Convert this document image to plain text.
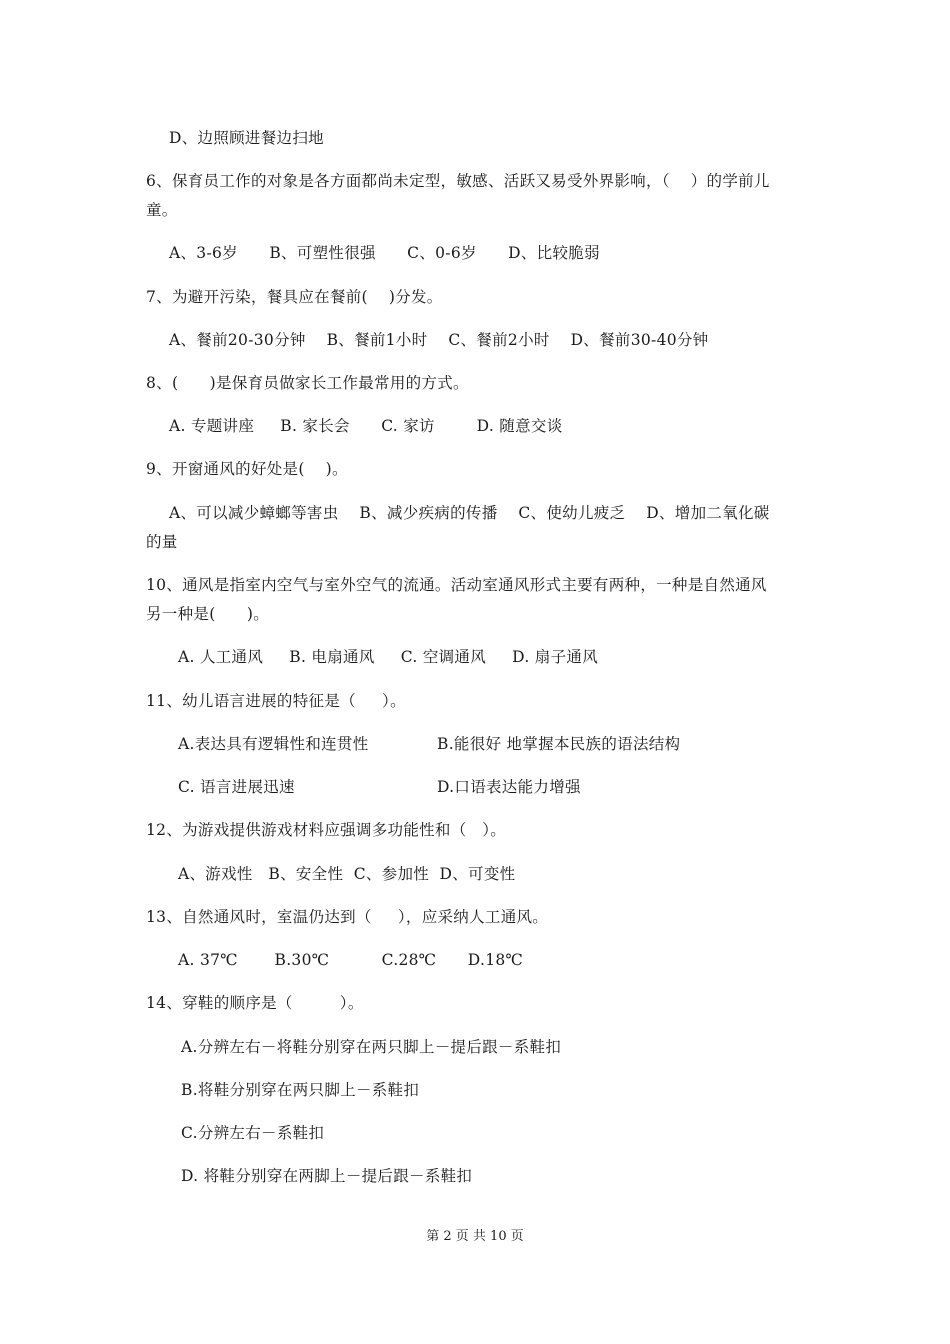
D、边照顾进餐边扫地
6、保育员工作的对象是各方面都尚未定型，敏感、活跃又易受外界影响，（    ）的学前儿
童。
A、3-6岁      B、可塑性很强      C、0-6岁      D、比较脆弱
7、为避开污染，餐具应在餐前(    )分发。
A、餐前20-30分钟    B、餐前1小时    C、餐前2小时    D、餐前30-40分钟
8、(      )是保育员做家长工作最常用的方式。
A. 专题讲座     B. 家长会      C. 家访        D. 随意交谈
9、开窗通风的好处是(    )。
A、可以减少蟑螂等害虫    B、减少疾病的传播    C、使幼儿疲乏    D、增加二氧化碳
的量
10、通风是指室内空气与室外空气的流通。活动室通风形式主要有两种，一种是自然通风
另一种是(      )。
A. 人工通风     B. 电扇通风     C. 空调通风     D. 扇子通风
11、幼儿语言进展的特征是（     ）。
A.表达具有逻辑性和连贯性	B.能很好 地掌握本民族的语法结构
C. 语言进展迅速	D.口语表达能力增强
12、为游戏提供游戏材料应强调多功能性和（   ）。
A、游戏性   B、安全性  C、参加性  D、可变性
13、自然通风时，室温仍达到（     ），应采纳人工通风。
A. 37℃       B.30℃          C.28℃      D.18℃
14、穿鞋的顺序是（         ）。
A.分辨左右－将鞋分别穿在两只脚上－提后跟－系鞋扣
B.将鞋分别穿在两只脚上－系鞋扣
C.分辨左右－系鞋扣
D. 将鞋分别穿在两脚上－提后跟－系鞋扣
第 2 页 共 10 页
